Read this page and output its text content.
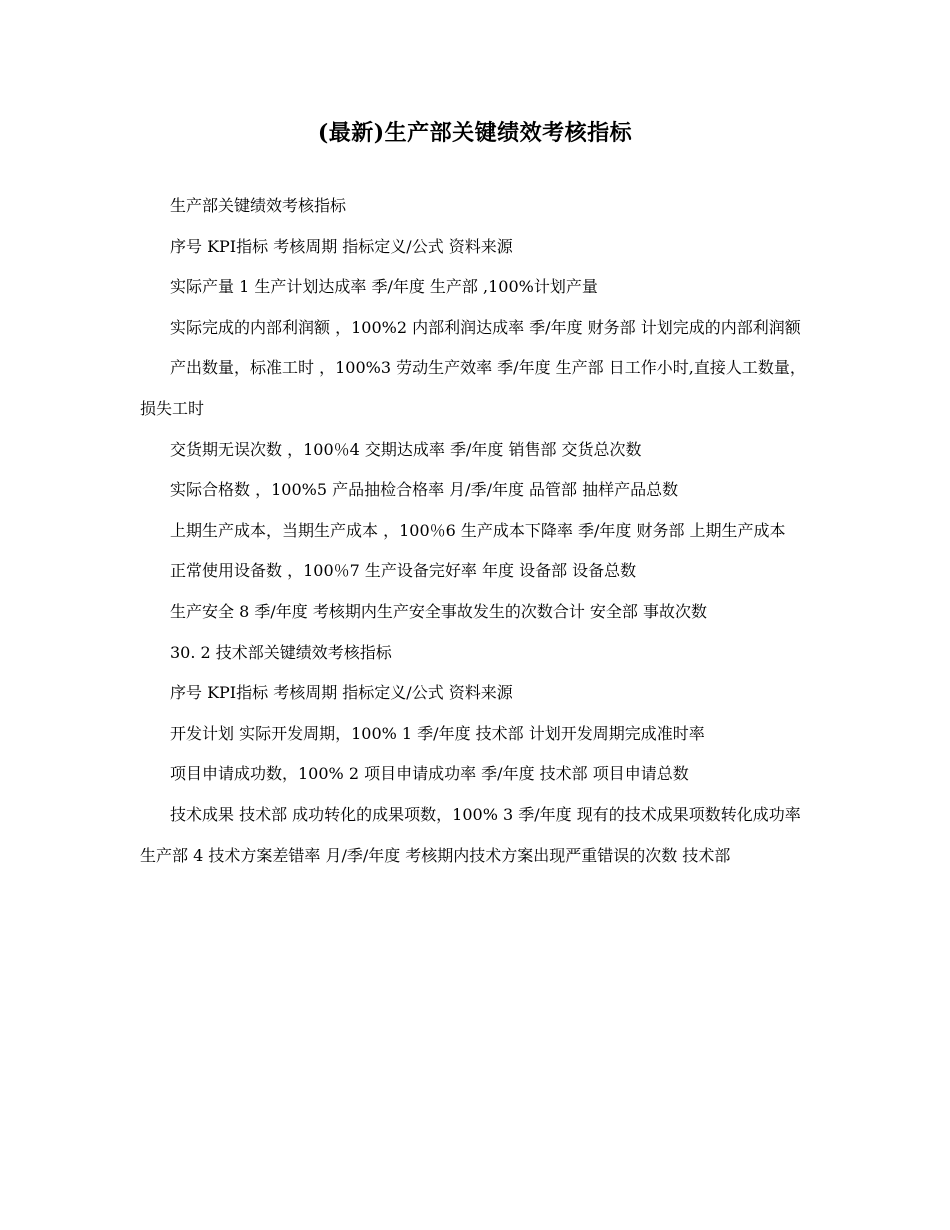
(最新)生产部关键绩效考核指标

生产部关键绩效考核指标

序号 KPI指标 考核周期 指标定义/公式 资料来源

实际产量 1 生产计划达成率 季/年度 生产部 ,100%计划产量

实际完成的内部利润额 ，100%2 内部利润达成率 季/年度 财务部 计划完成的内部利润额

产出数量，标准工时 ，100%3 劳动生产效率 季/年度 生产部 日工作小时,直接人工数量，损失工时

交货期无误次数 ，100％4 交期达成率 季/年度 销售部 交货总次数

实际合格数 ，100%5 产品抽检合格率 月/季/年度 品管部 抽样产品总数

上期生产成本，当期生产成本 ，100％6 生产成本下降率 季/年度 财务部 上期生产成本

正常使用设备数 ，100％7 生产设备完好率 年度 设备部 设备总数

生产安全 8 季/年度 考核期内生产安全事故发生的次数合计 安全部 事故次数

30. 2 技术部关键绩效考核指标

序号 KPI指标 考核周期 指标定义/公式 资料来源

开发计划 实际开发周期，100% 1 季/年度 技术部 计划开发周期完成准时率

项目申请成功数，100% 2 项目申请成功率 季/年度 技术部 项目申请总数

技术成果 技术部 成功转化的成果项数，100% 3 季/年度 现有的技术成果项数转化成功率 生产部 4 技术方案差错率 月/季/年度 考核期内技术方案出现严重错误的次数 技术部
